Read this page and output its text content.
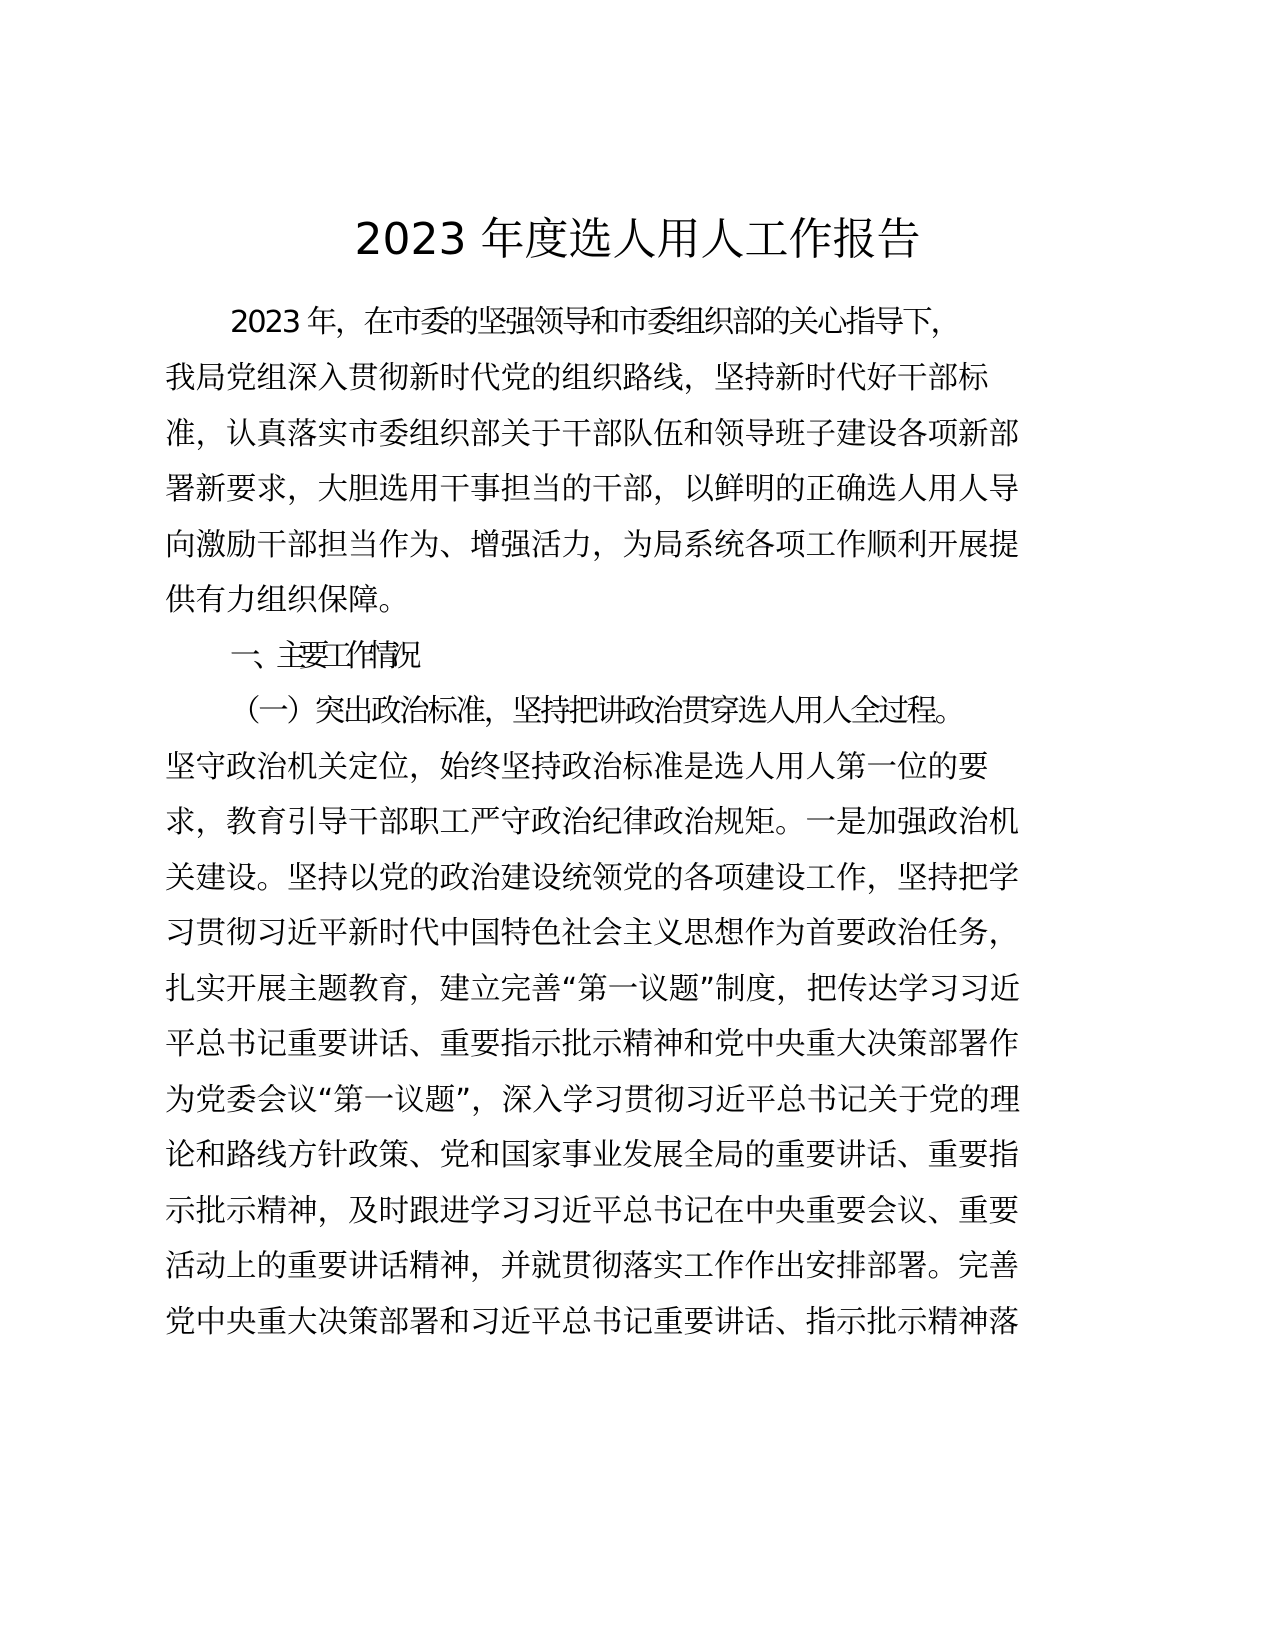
2023 年度选人用人工作报告

2023 年，在市委的坚强领导和市委组织部的关心指导下，

我局党组深入贯彻新时代党的组织路线，坚持新时代好干部标

准，认真落实市委组织部关于干部队伍和领导班子建设各项新部

署新要求，大胆选用干事担当的干部，以鲜明的正确选人用人导

向激励干部担当作为、增强活力，为局系统各项工作顺利开展提

供有力组织保障。

一、主要工作情况

（一）突出政治标准，坚持把讲政治贯穿选人用人全过程。

坚守政治机关定位，始终坚持政治标准是选人用人第一位的要

求，教育引导干部职工严守政治纪律政治规矩。一是加强政治机

关建设。坚持以党的政治建设统领党的各项建设工作，坚持把学

习贯彻习近平新时代中国特色社会主义思想作为首要政治任务，

扎实开展主题教育，建立完善“第一议题”制度，把传达学习习近

平总书记重要讲话、重要指示批示精神和党中央重大决策部署作

为党委会议“第一议题”，深入学习贯彻习近平总书记关于党的理

论和路线方针政策、党和国家事业发展全局的重要讲话、重要指

示批示精神，及时跟进学习习近平总书记在中央重要会议、重要

活动上的重要讲话精神，并就贯彻落实工作作出安排部署。完善

党中央重大决策部署和习近平总书记重要讲话、指示批示精神落
